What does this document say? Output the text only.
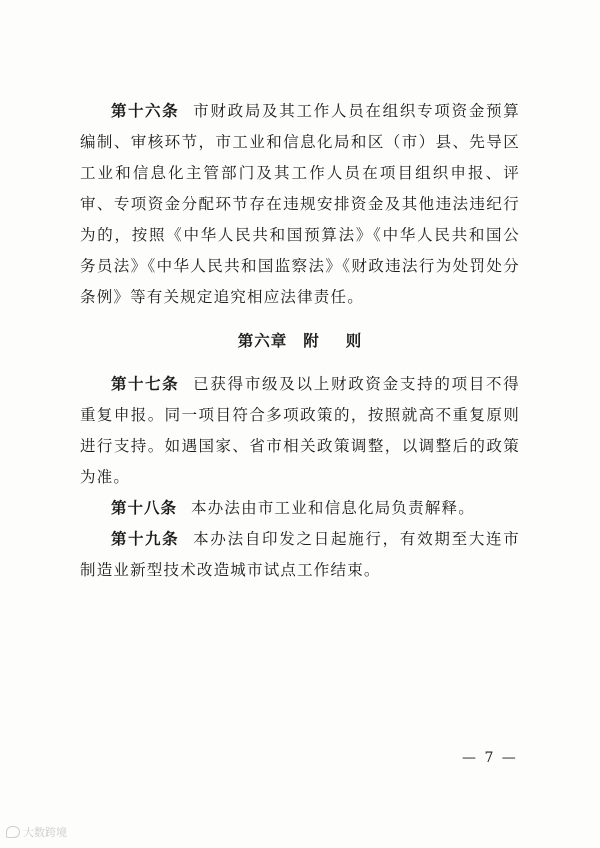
第十六条 市财政局及其工作人员在组织专项资金预算编制、审核环节，市工业和信息化局和区（市）县、先导区工业和信息化主管部门及其工作人员在项目组织申报、评审、专项资金分配环节存在违规安排资金及其他违法违纪行为的，按照《中华人民共和国预算法》《中华人民共和国公务员法》《中华人民共和国监察法》《财政违法行为处罚处分条例》等有关规定追究相应法律责任。

第六章 附 则

第十七条 已获得市级及以上财政资金支持的项目不得重复申报。同一项目符合多项政策的，按照就高不重复原则进行支持。如遇国家、省市相关政策调整，以调整后的政策为准。

第十八条 本办法由市工业和信息化局负责解释。

第十九条 本办法自印发之日起施行，有效期至大连市制造业新型技术改造城市试点工作结束。

— 7 —
大数跨境
